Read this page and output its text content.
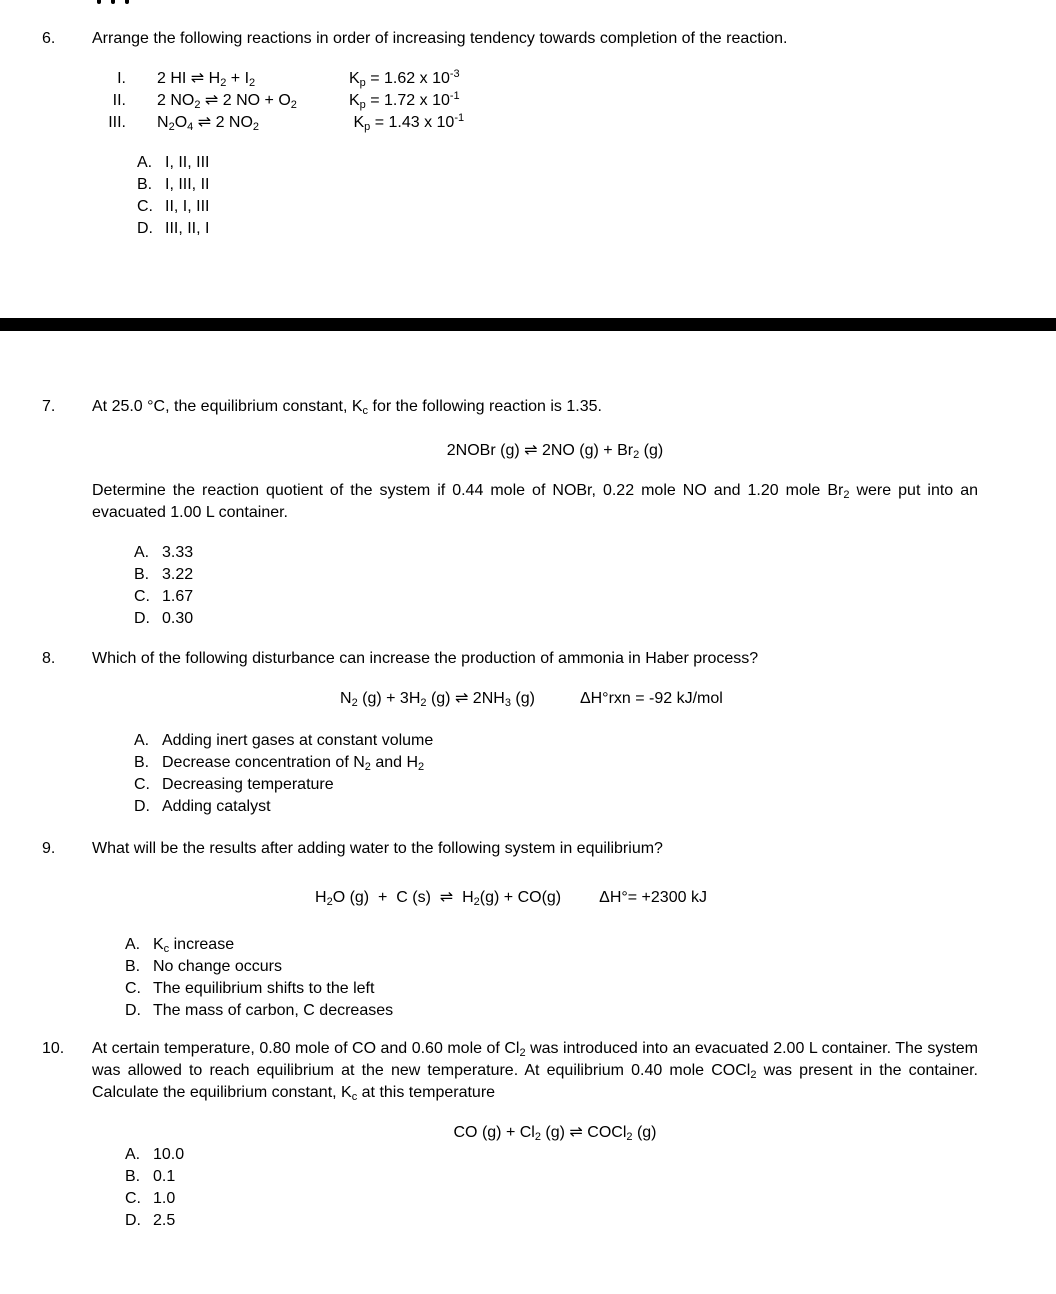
6.	Arrange the following reactions in order of increasing tendency towards completion of the reaction.
I.	2 HI ⇌ $H_2 + I_2$	$K_p = 1.62$ x $10^{-3}$
II.	2 $NO_2$ ⇌ 2 NO + $O_2$	$K_p = 1.72$ x $10^{-1}$
III.	$N_2O_4$ ⇌ 2 $NO_2$	$K_p = 1.43$ x $10^{-1}$
A. I, II, III
B. I, III, II
C. II, I, III
D. III, II, I
7.	At 25.0 °C, the equilibrium constant, $K_c$ for the following reaction is 1.35.
2NOBr (g) ⇌ 2NO $(g) + Br_2$ (g)
Determine the reaction quotient of the system if 0.44 mole of NOBr, 0.22 mole NO and 1.20 mole $Br_2$ were put into an evacuated 1.00 L container.
A. 3.33
B. 3.22
C. 1.67
D. 0.30
8.	Which of the following disturbance can increase the production of ammonia in Haber process?
$N_2$ $(g) + 3H_2$ (g) ⇌ $2NH_3$ (g)	ΔH°rxn = -92 kJ/mol
A. Adding inert gases at constant volume
B. Decrease concentration of $N_2$ and $H_2$
C. Decreasing temperature
D. Adding catalyst
9.	What will be the results after adding water to the following system in equilibrium?
$H_2O$ (g)  +  C (s)  ⇌  $H_2(g) + CO(g)$ ΔH°= +2300 kJ
A. $K_c$ increase
B. No change occurs
C. The equilibrium shifts to the left
D. The mass of carbon, C decreases
10.	At certain temperature, 0.80 mole of CO and 0.60 mole of $Cl_2$ was introduced into an evacuated 2.00 L container. The system was allowed to reach equilibrium at the new temperature. At equilibrium 0.40 mole COCl$_2$ was present in the container. Calculate the equilibrium constant, $K_c$ at this temperature
CO $(g) + Cl_2$ (g) ⇌ COCl$_2$ (g)
A. 10.0
B. 0.1
C. 1.0
D. 2.5
